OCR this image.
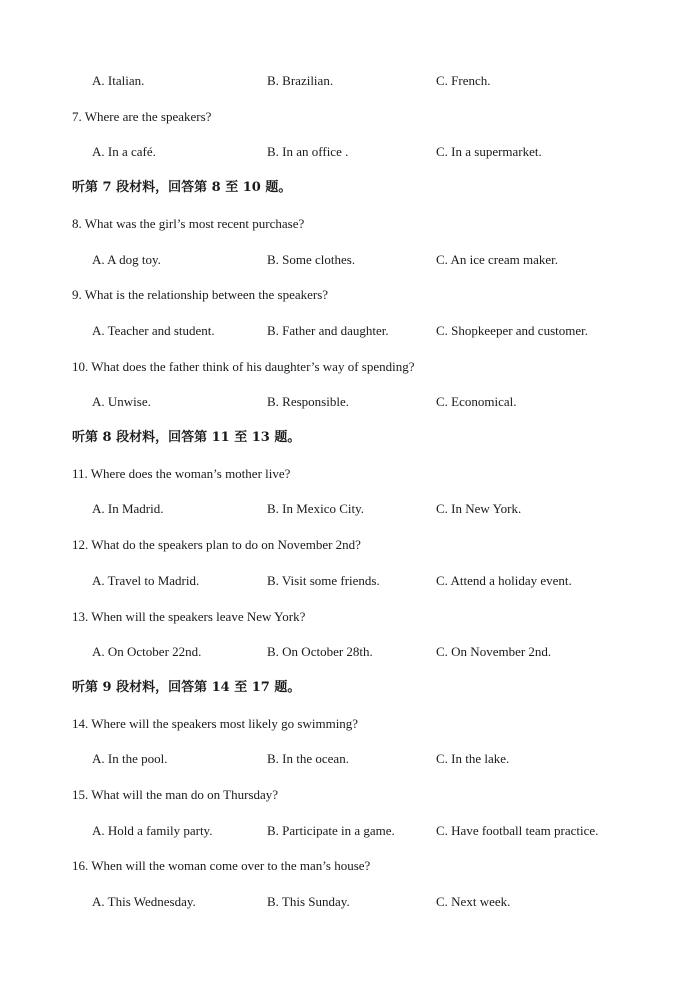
A. Italian.	B. Brazilian.	C. French.
7. Where are the speakers?
A. In a café.	B. In an office .	C. In a supermarket.
听第 7 段材料，回答第 8 至 10 题。
8. What was the girl’s most recent purchase?
A. A dog toy.	B. Some clothes.	C. An ice cream maker.
9. What is the relationship between the speakers?
A. Teacher and student.	B. Father and daughter.	C. Shopkeeper and customer.
10. What does the father think of his daughter’s way of spending?
A. Unwise.	B. Responsible.	C. Economical.
听第 8 段材料，回答第 11 至 13 题。
11. Where does the woman’s mother live?
A. In Madrid.	B. In Mexico City.	C. In New York.
12. What do the speakers plan to do on November 2nd?
A. Travel to Madrid.	B. Visit some friends.	C. Attend a holiday event.
13. When will the speakers leave New York?
A. On October 22nd.	B. On October 28th.	C. On November 2nd.
听第 9 段材料，回答第 14 至 17 题。
14. Where will the speakers most likely go swimming?
A. In the pool.	B. In the ocean.	C. In the lake.
15. What will the man do on Thursday?
A. Hold a family party.	B. Participate in a game.	C. Have football team practice.
16. When will the woman come over to the man’s house?
A. This Wednesday.	B. This Sunday.	C. Next week.
